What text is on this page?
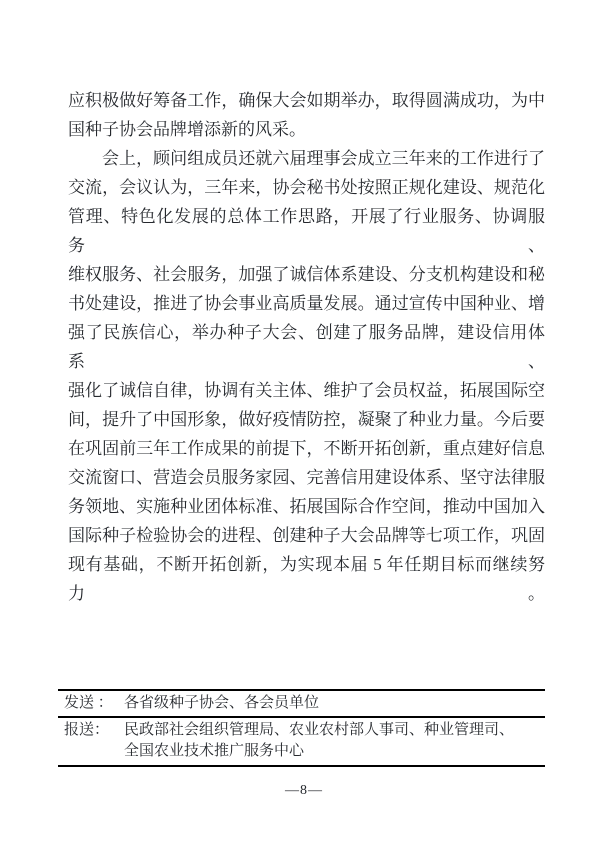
应积极做好筹备工作，确保大会如期举办，取得圆满成功，为中
国种子协会品牌增添新的风采。
会上，顾问组成员还就六届理事会成立三年来的工作进行了
交流，会议认为，三年来，协会秘书处按照正规化建设、规范化
管理、特色化发展的总体工作思路，开展了行业服务、协调服务、
维权服务、社会服务，加强了诚信体系建设、分支机构建设和秘
书处建设，推进了协会事业高质量发展。通过宣传中国种业、增
强了民族信心，举办种子大会、创建了服务品牌，建设信用体系、
强化了诚信自律，协调有关主体、维护了会员权益，拓展国际空
间，提升了中国形象，做好疫情防控，凝聚了种业力量。今后要
在巩固前三年工作成果的前提下，不断开拓创新，重点建好信息
交流窗口、营造会员服务家园、完善信用建设体系、坚守法律服
务领地、实施种业团体标准、拓展国际合作空间，推动中国加入
国际种子检验协会的进程、创建种子大会品牌等七项工作，巩固
现有基础，不断开拓创新，为实现本届 5 年任期目标而继续努力。
发送 ： 各省级种子协会、各会员单位
报送： 民政部社会组织管理局、农业农村部人事司、种业管理司、
全国农业技术推广服务中心
—8—
